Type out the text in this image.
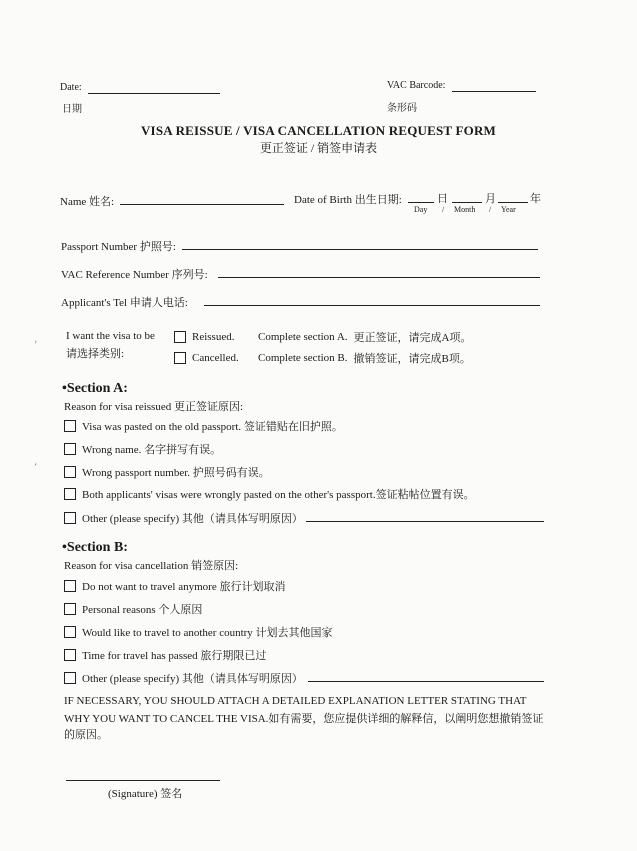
Date:
日期
VAC Barcode:
条形码
VISA REISSUE / VISA CANCELLATION REQUEST FORM
更正签证 / 销签申请表
Name 姓名:	Date of Birth 出生日期:	日	月	年
Day / Month / Year
Passport Number 护照号:
VAC Reference Number 序列号:
Applicant's Tel 申请人电话:
I want the visa to be
请选择类别:
Reissued.	Complete section A. 更正签证，请完成A项。
Cancelled.	Complete section B. 撤销签证，请完成B项。
•Section A:
Reason for visa reissued 更正签证原因:
Visa was pasted on the old passport. 签证错贴在旧护照。
Wrong name. 名字拼写有误。
Wrong passport number. 护照号码有误。
Both applicants' visas were wrongly pasted on the other's passport.签证粘帖位置有误。
Other (please specify) 其他（请具体写明原因）
•Section B:
Reason for visa cancellation 销签原因:
Do not want to travel anymore 旅行计划取消
Personal reasons 个人原因
Would like to travel to another country 计划去其他国家
Time for travel has passed 旅行期限已过
Other (please specify) 其他（请具体写明原因）
IF NECESSARY, YOU SHOULD ATTACH A DETAILED EXPLANATION LETTER STATING THAT
WHY YOU WANT TO CANCEL THE VISA.如有需要，您应提供详细的解释信，以阐明您想撤销签证
的原因。
(Signature) 签名
ʼ
ʻ
